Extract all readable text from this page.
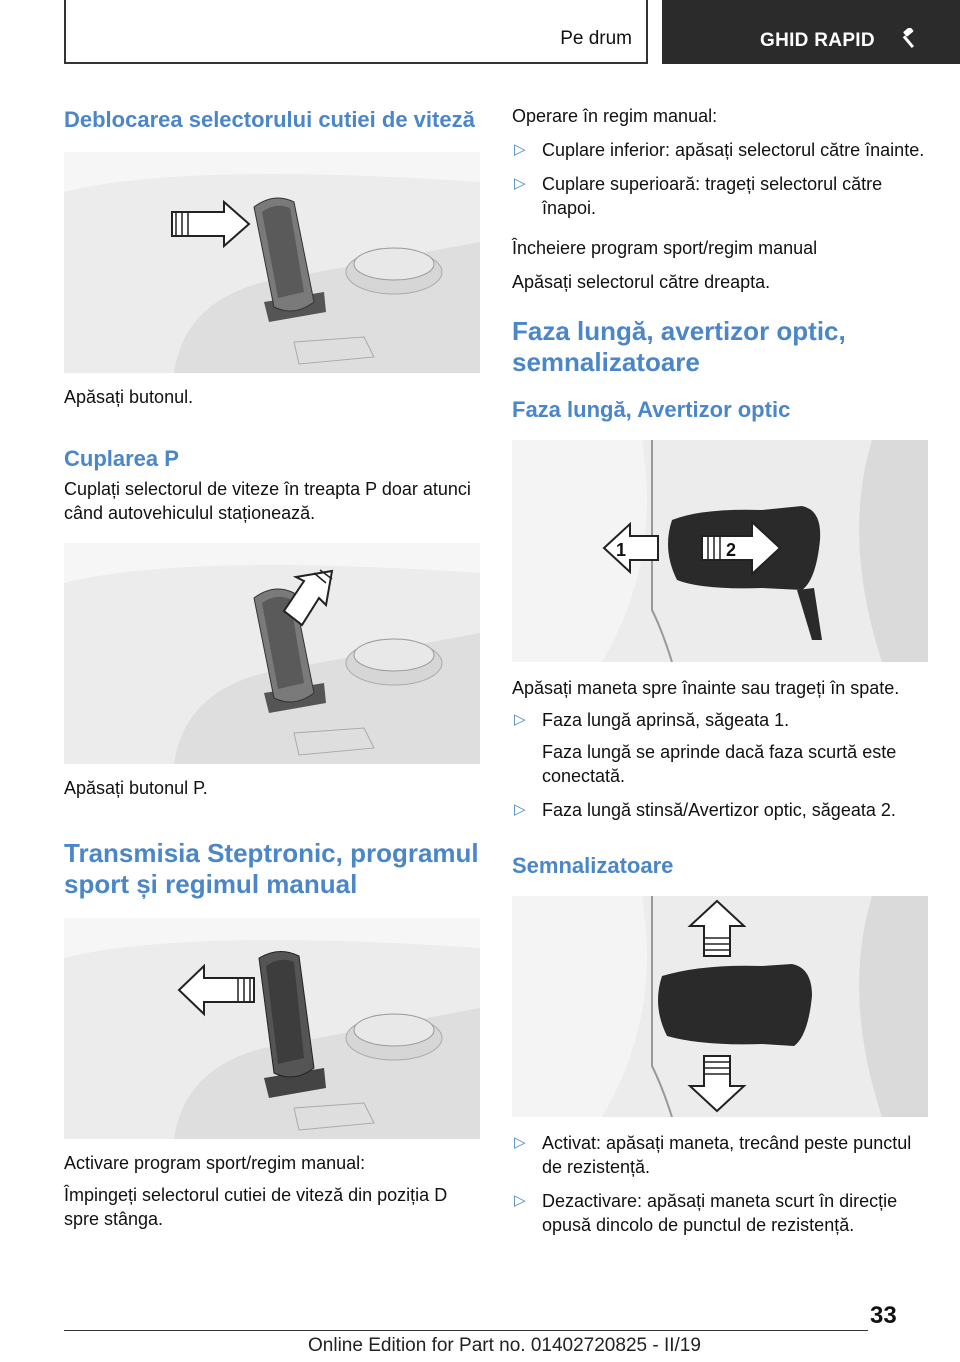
Pe drum	GHID RAPID
Deblocarea selectorului cutiei de viteză

Apăsați butonul.

Cuplarea P

Cuplați selectorul de viteze în treapta P doar atunci când autovehiculul staționează.

Apăsați butonul P.

Transmisia Steptronic, programul sport și regimul manual

Activare program sport/regim manual:

Împingeți selectorul cutiei de viteză din poziția D spre stânga.

Operare în regim manual:

▷ Cuplare inferior: apăsați selectorul către înainte.
▷ Cuplare superioară: trageți selectorul către înapoi.

Încheiere program sport/regim manual

Apăsați selectorul către dreapta.

Faza lungă, avertizor optic, semnalizatoare
Faza lungă, Avertizor optic
1	2

Apăsați maneta spre înainte sau trageți în spate.

▷ Faza lungă aprinsă, săgeata 1.
Faza lungă se aprinde dacă faza scurtă este conectată.
▷ Faza lungă stinsă/Avertizor optic, săgeata 2.
Semnalizatoare
▷ Activat: apăsați maneta, trecând peste punctul de rezistență.
▷ Dezactivare: apăsați maneta scurt în direcție opusă dincolo de punctul de rezistență.
33
Online Edition for Part no. 01402720825 - II/19
